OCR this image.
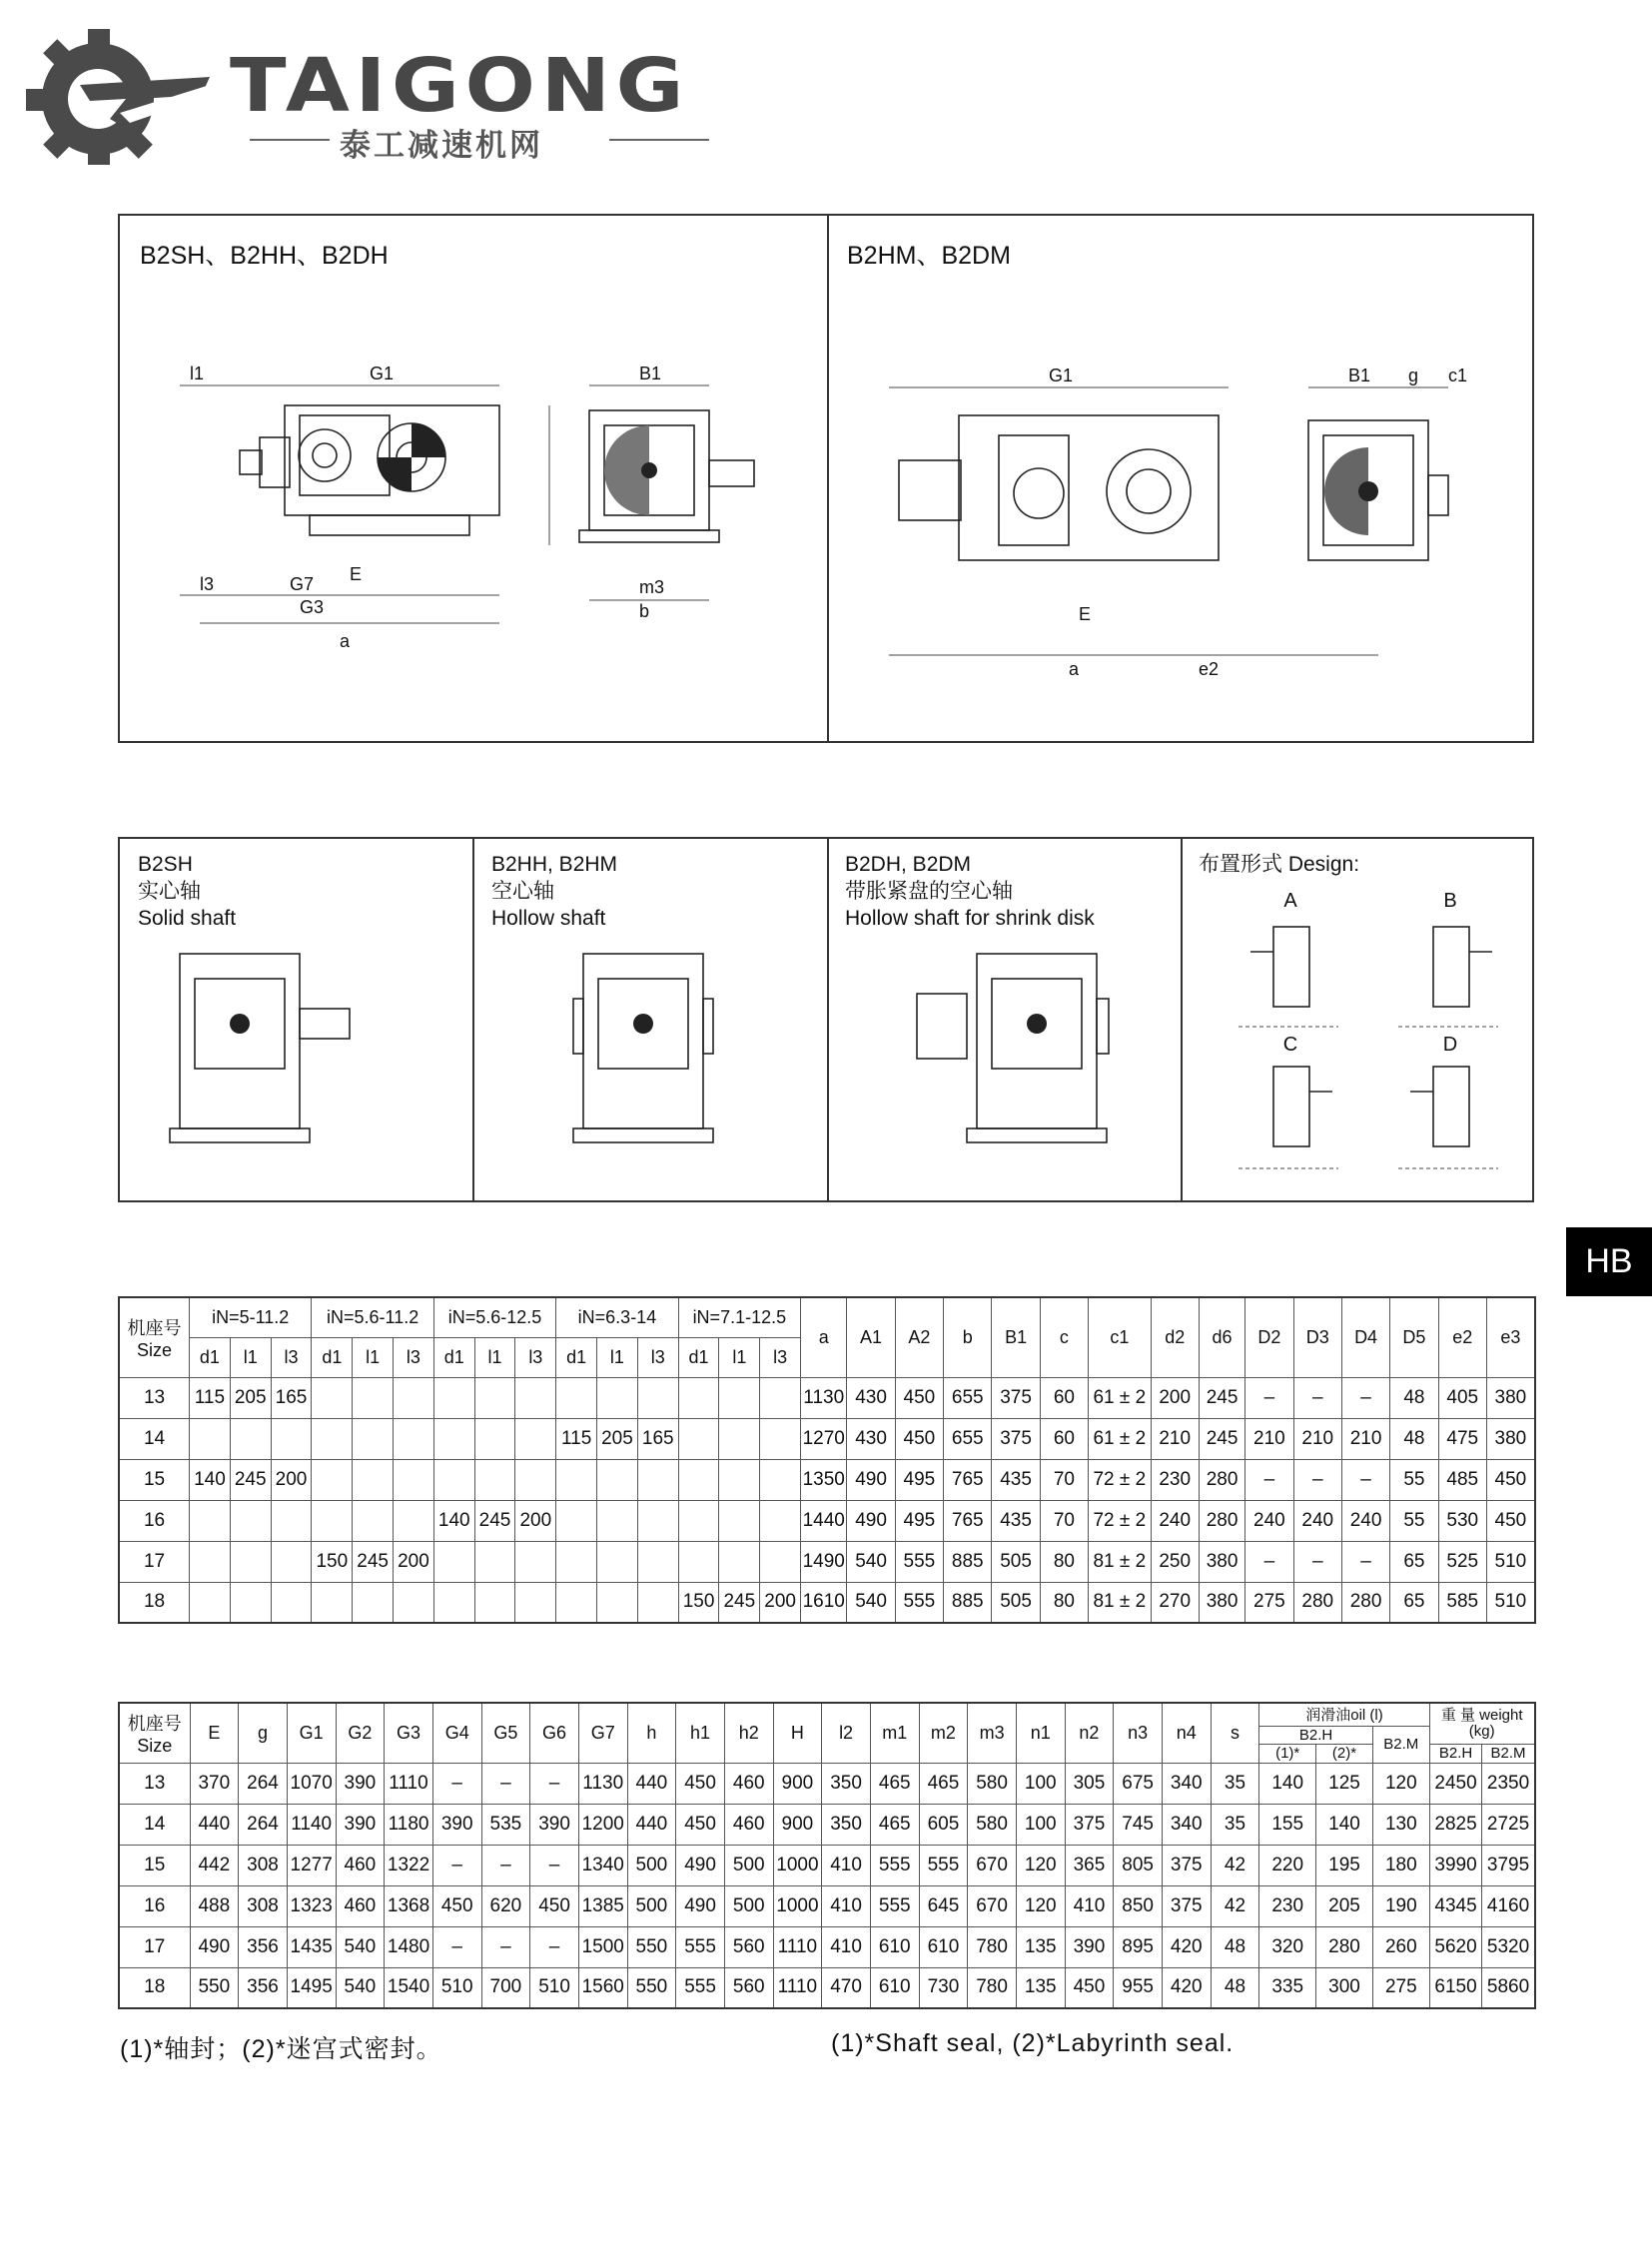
TAIGONG
泰工减速机网
HB
B2SH、B2HH、B2DH	B2HM、B2DM
G1
l1	B1
m3
b
E
l3	G7
G3
a
G1	B1 g c1
E
a	e2
B2SH
实心轴
Solid shaft
B2HH, B2HM
空心轴
Hollow shaft
B2DH, B2DM
带胀紧盘的空心轴
Hollow shaft for shrink disk
布置形式 Design:
A	B
C	D
机座号
Size	iN=5-11.2			iN=5.6-11.2			iN=5.6-12.5			iN=6.3-14			iN=7.1-12.5			a	A1	A2	b	B1	c	c1	d2	d6	D2	D3	D4	D5	e2	e3
	d1	l1	l3	d1	l1	l3	d1	l1	l3	d1	l1	l3	d1	l1	l3															
13	115	205	165													1130	430	450	655	375	60	61 ± 2	200	245	–	–	–	48	405	380
14										115	205	165				1270	430	450	655	375	60	61 ± 2	210	245	210	210	210	48	475	380
15	140	245	200													1350	490	495	765	435	70	72 ± 2	230	280	–	–	–	55	485	450
16							140	245	200							1440	490	495	765	435	70	72 ± 2	240	280	240	240	240	55	530	450
17				150	245	200										1490	540	555	885	505	80	81 ± 2	250	380	–	–	–	65	525	510
18													150	245	200	1610	540	555	885	505	80	81 ± 2	270	380	275	280	280	65	585	510
机座号
Size	E	g	G1	G2	G3	G4	G5	G6	G7	h	h1	h2	H	l2	m1	m2	m3	n1	n2	n3	n4	s	润滑油oil (l)			重 量 weight (kg)	
																							B2.H		B2.M		
																							(1)*	(2)*		B2.H	B2.M
13	370	264	1070	390	1110	–	–	–	1130	440	450	460	900	350	465	465	580	100	305	675	340	35	140	125	120	2450	2350
14	440	264	1140	390	1180	390	535	390	1200	440	450	460	900	350	465	605	580	100	375	745	340	35	155	140	130	2825	2725
15	442	308	1277	460	1322	–	–	–	1340	500	490	500	1000	410	555	555	670	120	365	805	375	42	220	195	180	3990	3795
16	488	308	1323	460	1368	450	620	450	1385	500	490	500	1000	410	555	645	670	120	410	850	375	42	230	205	190	4345	4160
17	490	356	1435	540	1480	–	–	–	1500	550	555	560	1110	410	610	610	780	135	390	895	420	48	320	280	260	5620	5320
18	550	356	1495	540	1540	510	700	510	1560	550	555	560	1110	470	610	730	780	135	450	955	420	48	335	300	275	6150	5860
(1)*轴封；(2)*迷宫式密封。	(1)*Shaft seal, (2)*Labyrinth seal.
